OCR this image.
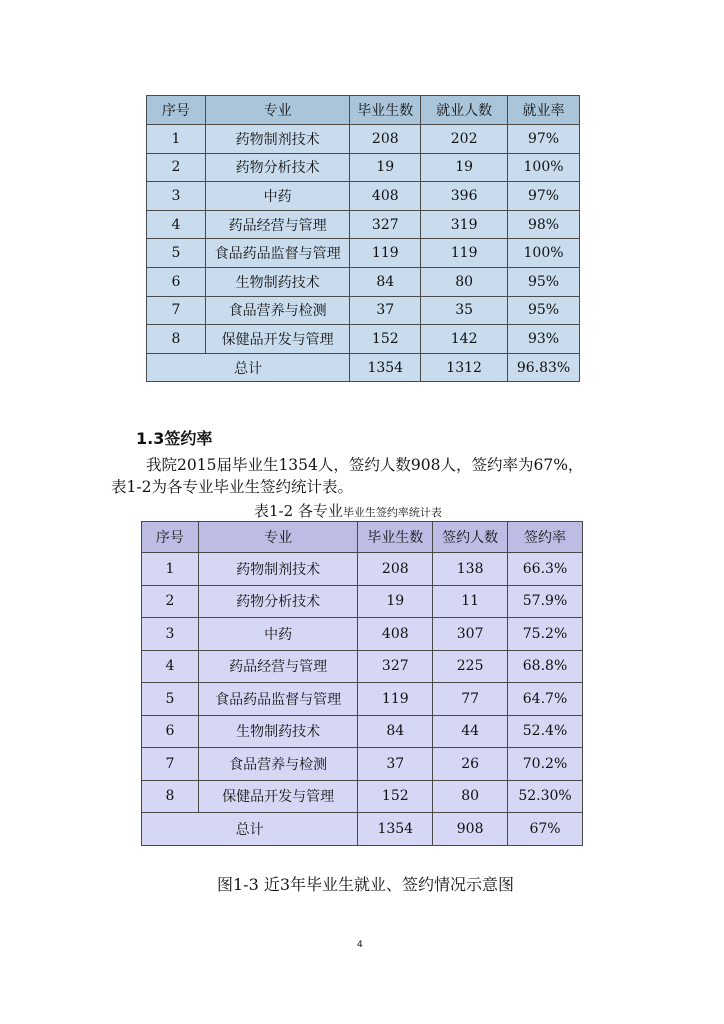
序号	专业	毕业生数	就业人数	就业率
1	药物制剂技术	208	202	97%
2	药物分析技术	19	19	100%
3	中药	408	396	97%
4	药品经营与管理	327	319	98%
5	食品药品监督与管理	119	119	100%
6	生物制药技术	84	80	95%
7	食品营养与检测	37	35	95%
8	保健品开发与管理	152	142	93%
总计		1354	1312	96.83%
1.3签约率
我院2015届毕业生1354人，签约人数908人，签约率为67%，
表1-2为各专业毕业生签约统计表。
表1-2 各专业毕业生签约率统计表
序号	专业	毕业生数	签约人数	签约率
1	药物制剂技术	208	138	66.3%
2	药物分析技术	19	11	57.9%
3	中药	408	307	75.2%
4	药品经营与管理	327	225	68.8%
5	食品药品监督与管理	119	77	64.7%
6	生物制药技术	84	44	52.4%
7	食品营养与检测	37	26	70.2%
8	保健品开发与管理	152	80	52.30%
总计		1354	908	67%
图1-3 近3年毕业生就业、签约情况示意图
4
